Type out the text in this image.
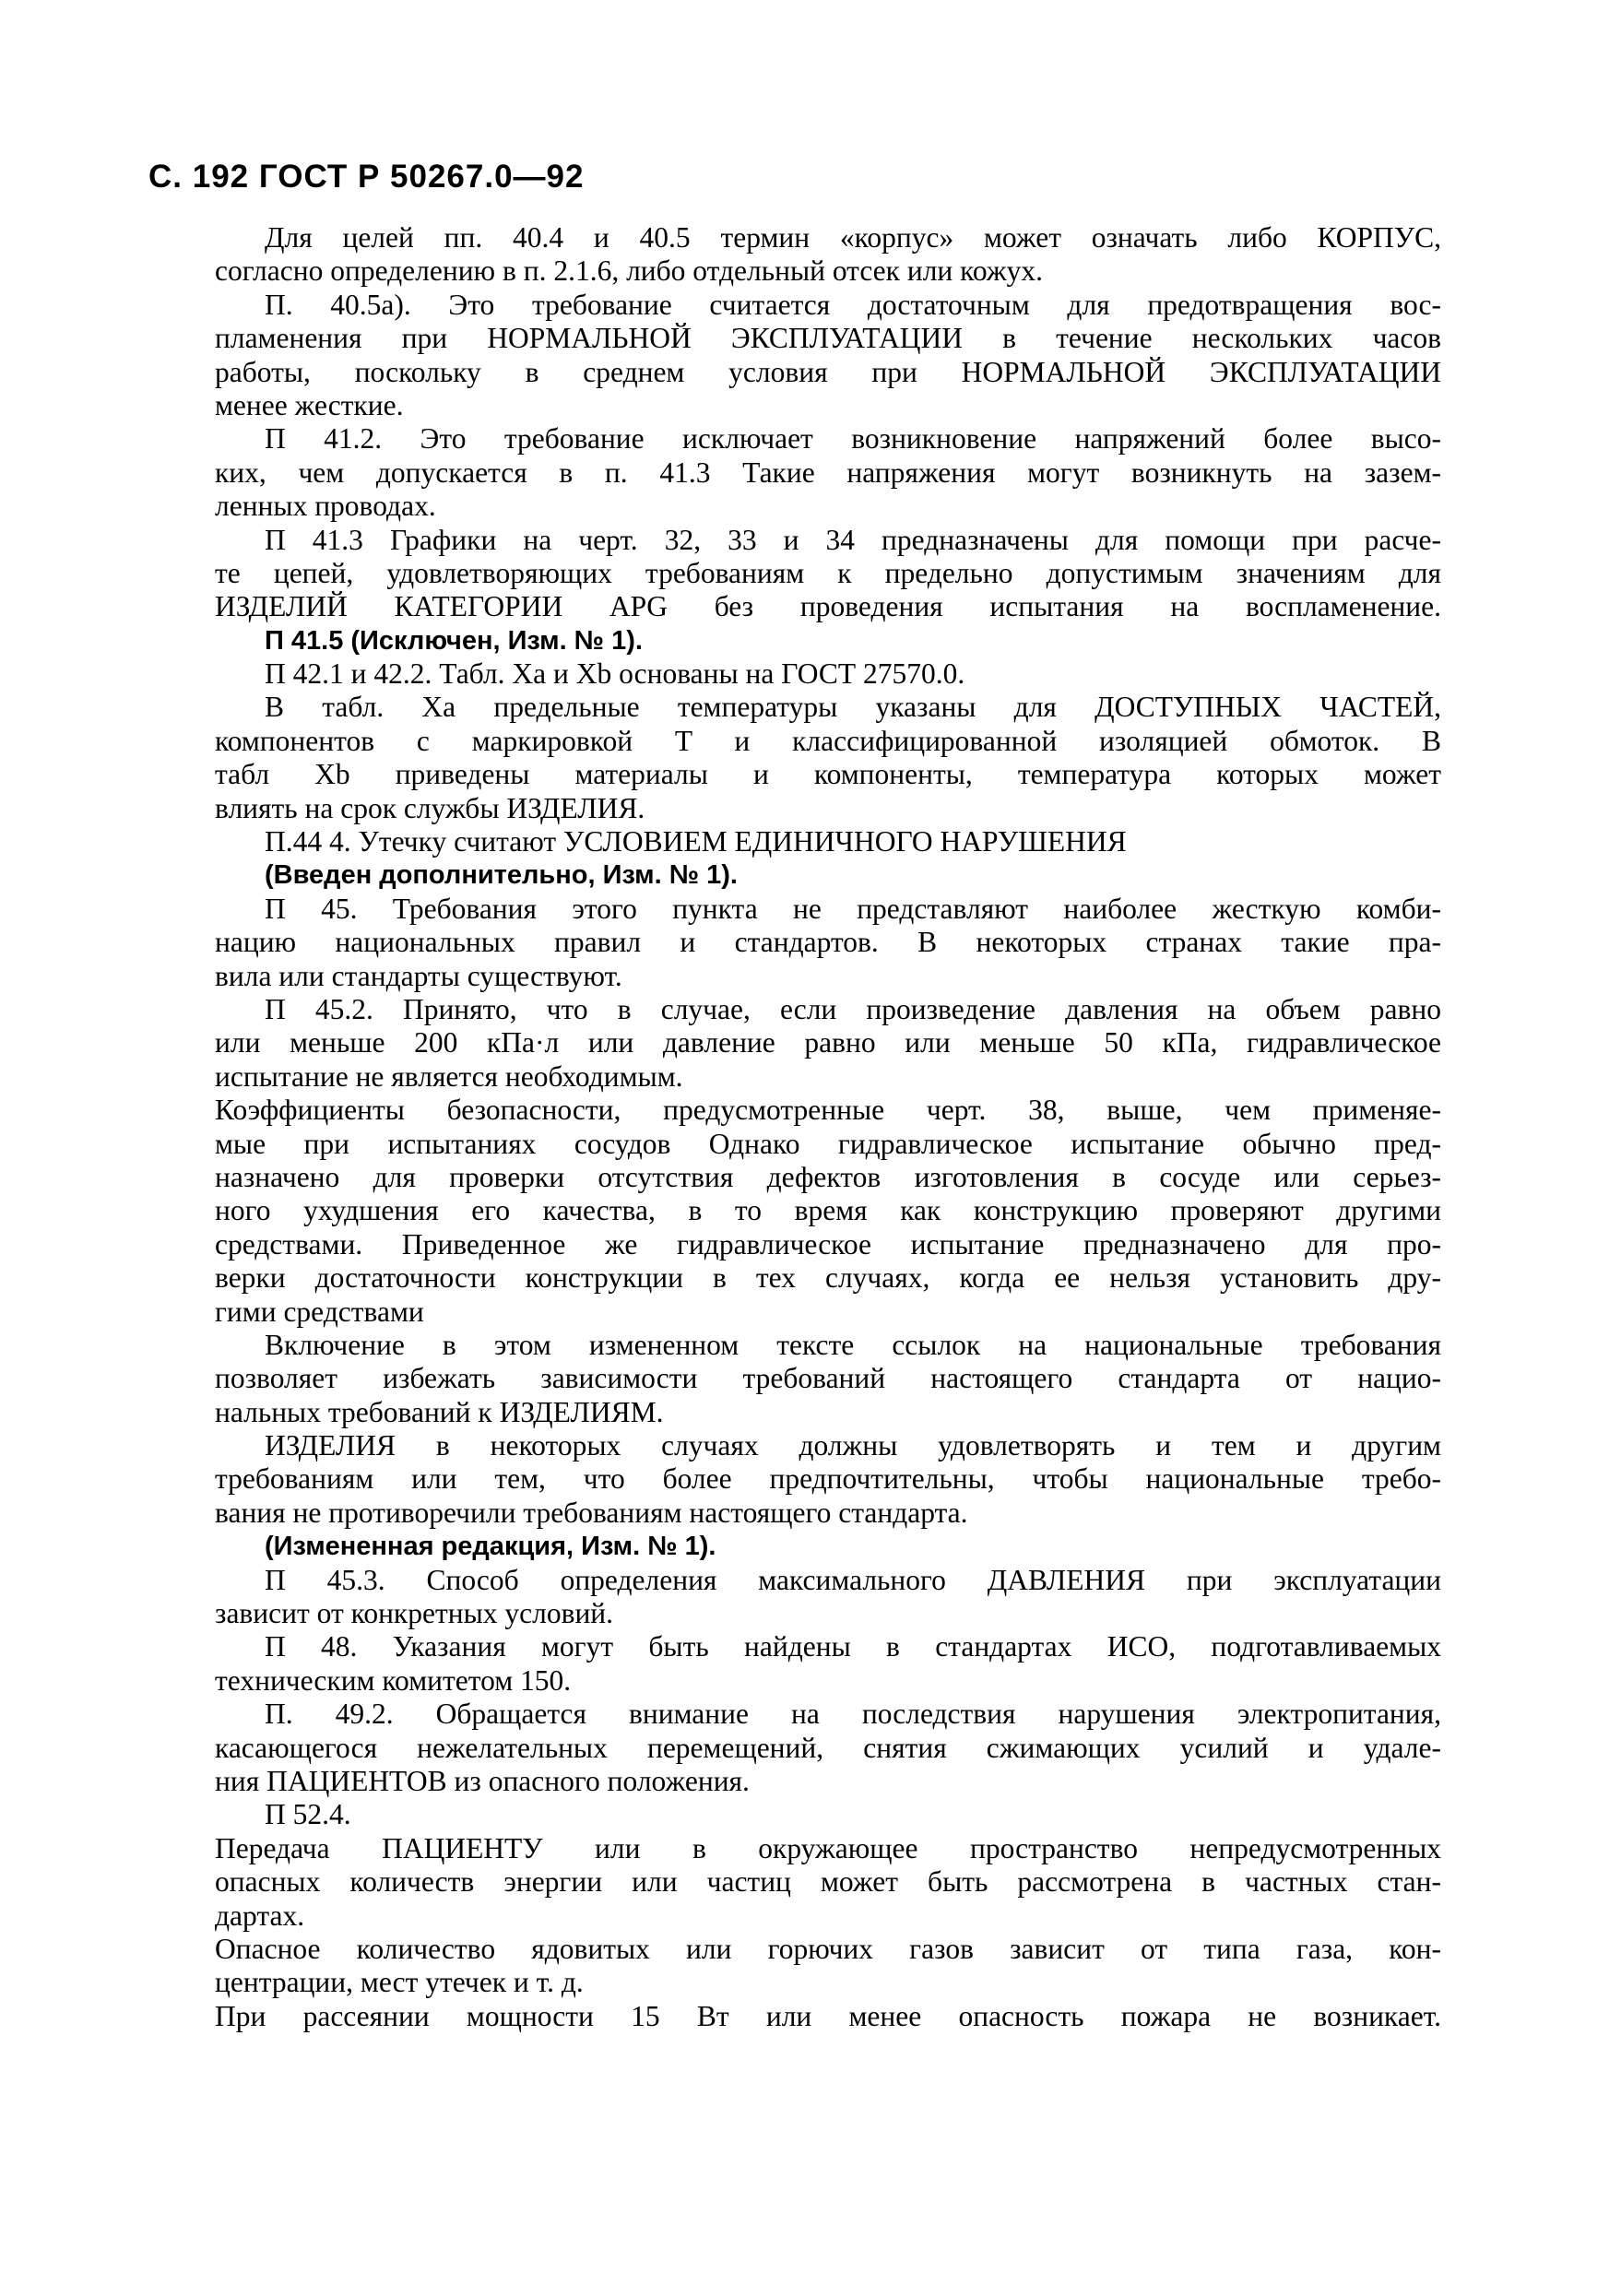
С. 192 ГОСТ Р 50267.0—92
Для целей пп. 40.4 и 40.5 термин «корпус» может означать либо КОРПУС,
согласно определению в п. 2.1.6, либо отдельный отсек или кожух.
П. 40.5а). Это требование считается достаточным для предотвращения вос-
пламенения при НОРМАЛЬНОЙ ЭКСПЛУАТАЦИИ в течение нескольких часов
работы, поскольку в среднем условия при НОРМАЛЬНОЙ ЭКСПЛУАТАЦИИ
менее жесткие.
П 41.2. Это требование исключает возникновение напряжений более высо-
ких, чем допускается в п. 41.3 Такие напряжения могут возникнуть на зазем-
ленных проводах.
П 41.3 Графики на черт. 32, 33 и 34 предназначены для помощи при расче-
те цепей, удовлетворяющих требованиям к предельно допустимым значениям для
ИЗДЕЛИЙ КАТЕГОРИИ APG без проведения испытания на воспламенение.
П 41.5 (Исключен, Изм. № 1).
П 42.1 и 42.2. Табл. Xa и Xb основаны на ГОСТ 27570.0.
В табл. Xa предельные температуры указаны для ДОСТУПНЫХ ЧАСТЕЙ,
компонентов с маркировкой T и классифицированной изоляцией обмоток. В
табл Xb приведены материалы и компоненты, температура которых может
влиять на срок службы ИЗДЕЛИЯ.
П.44 4. Утечку считают УСЛОВИЕМ ЕДИНИЧНОГО НАРУШЕНИЯ
(Введен дополнительно, Изм. № 1).
П 45. Требования этого пункта не представляют наиболее жесткую комби-
нацию национальных правил и стандартов. В некоторых странах такие пра-
вила или стандарты существуют.
П 45.2. Принято, что в случае, если произведение давления на объем равно
или меньше 200 кПа·л или давление равно или меньше 50 кПа, гидравлическое
испытание не является необходимым.
Коэффициенты безопасности, предусмотренные черт. 38, выше, чем применяе-
мые при испытаниях сосудов Однако гидравлическое испытание обычно пред-
назначено для проверки отсутствия дефектов изготовления в сосуде или серьез-
ного ухудшения его качества, в то время как конструкцию проверяют другими
средствами. Приведенное же гидравлическое испытание предназначено для про-
верки достаточности конструкции в тех случаях, когда ее нельзя установить дру-
гими средствами
Включение в этом измененном тексте ссылок на национальные требования
позволяет избежать зависимости требований настоящего стандарта от нацио-
нальных требований к ИЗДЕЛИЯМ.
ИЗДЕЛИЯ в некоторых случаях должны удовлетворять и тем и другим
требованиям или тем, что более предпочтительны, чтобы национальные требо-
вания не противоречили требованиям настоящего стандарта.
(Измененная редакция, Изм. № 1).
П 45.3. Способ определения максимального ДАВЛЕНИЯ при эксплуатации
зависит от конкретных условий.
П 48. Указания могут быть найдены в стандартах ИСО, подготавливаемых
техническим комитетом 150.
П. 49.2. Обращается внимание на последствия нарушения электропитания,
касающегося нежелательных перемещений, снятия сжимающих усилий и удале-
ния ПАЦИЕНТОВ из опасного положения.
П 52.4.
Передача ПАЦИЕНТУ или в окружающее пространство непредусмотренных
опасных количеств энергии или частиц может быть рассмотрена в частных стан-
дартах.
Опасное количество ядовитых или горючих газов зависит от типа газа, кон-
центрации, мест утечек и т. д.
При рассеянии мощности 15 Вт или менее опасность пожара не возникает.
